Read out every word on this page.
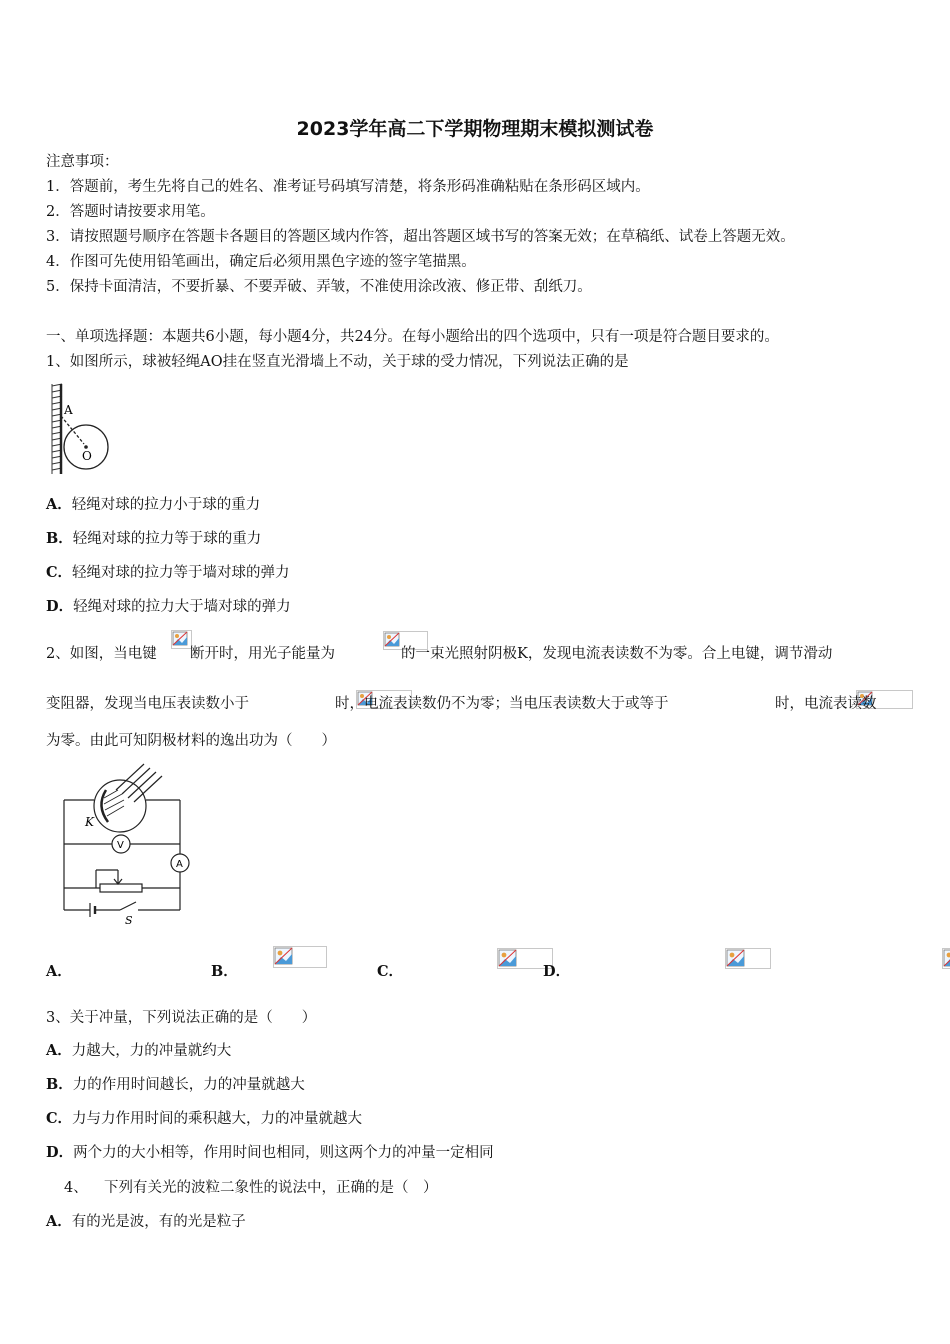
2023学年高二下学期物理期末模拟测试卷
注意事项：
1．答题前，考生先将自己的姓名、准考证号码填写清楚，将条形码准确粘贴在条形码区域内。
2．答题时请按要求用笔。
3．请按照题号顺序在答题卡各题目的答题区域内作答，超出答题区域书写的答案无效；在草稿纸、试卷上答题无效。
4．作图可先使用铅笔画出，确定后必须用黑色字迹的签字笔描黑。
5．保持卡面清洁，不要折暴、不要弄破、弄皱，不准使用涂改液、修正带、刮纸刀。
一、单项选择题：本题共6小题，每小题4分，共24分。在每小题给出的四个选项中，只有一项是符合题目要求的。
1、如图所示，球被轻绳AO挂在竖直光滑墙上不动，关于球的受力情况，下列说法正确的是
A
O
A．轻绳对球的拉力小于球的重力
B．轻绳对球的拉力等于球的重力
C．轻绳对球的拉力等于墙对球的弹力
D．轻绳对球的拉力大于墙对球的弹力
2、如图，当电键
断开时，用光子能量为
	的一束光照射阴极K，发现电流表读数不为零。合上电键，调节滑动
变阻器，发现当电压表读数小于
	时，电流表读数仍不为零；当电压表读数大于或等于
	时，电流表读数
为零。由此可知阴极材料的逸出功为（　　）
K
V
A
S
A．
	B．
	C．
	D．
3、关于冲量，下列说法正确的是（　　）
A．力越大，力的冲量就约大
B．力的作用时间越长，力的冲量就越大
C．力与力作用时间的乘积越大，力的冲量就越大
D．两个力的大小相等，作用时间也相同，则这两个力的冲量一定相同
4、 下列有关光的波粒二象性的说法中，正确的是（　）
A．有的光是波，有的光是粒子
